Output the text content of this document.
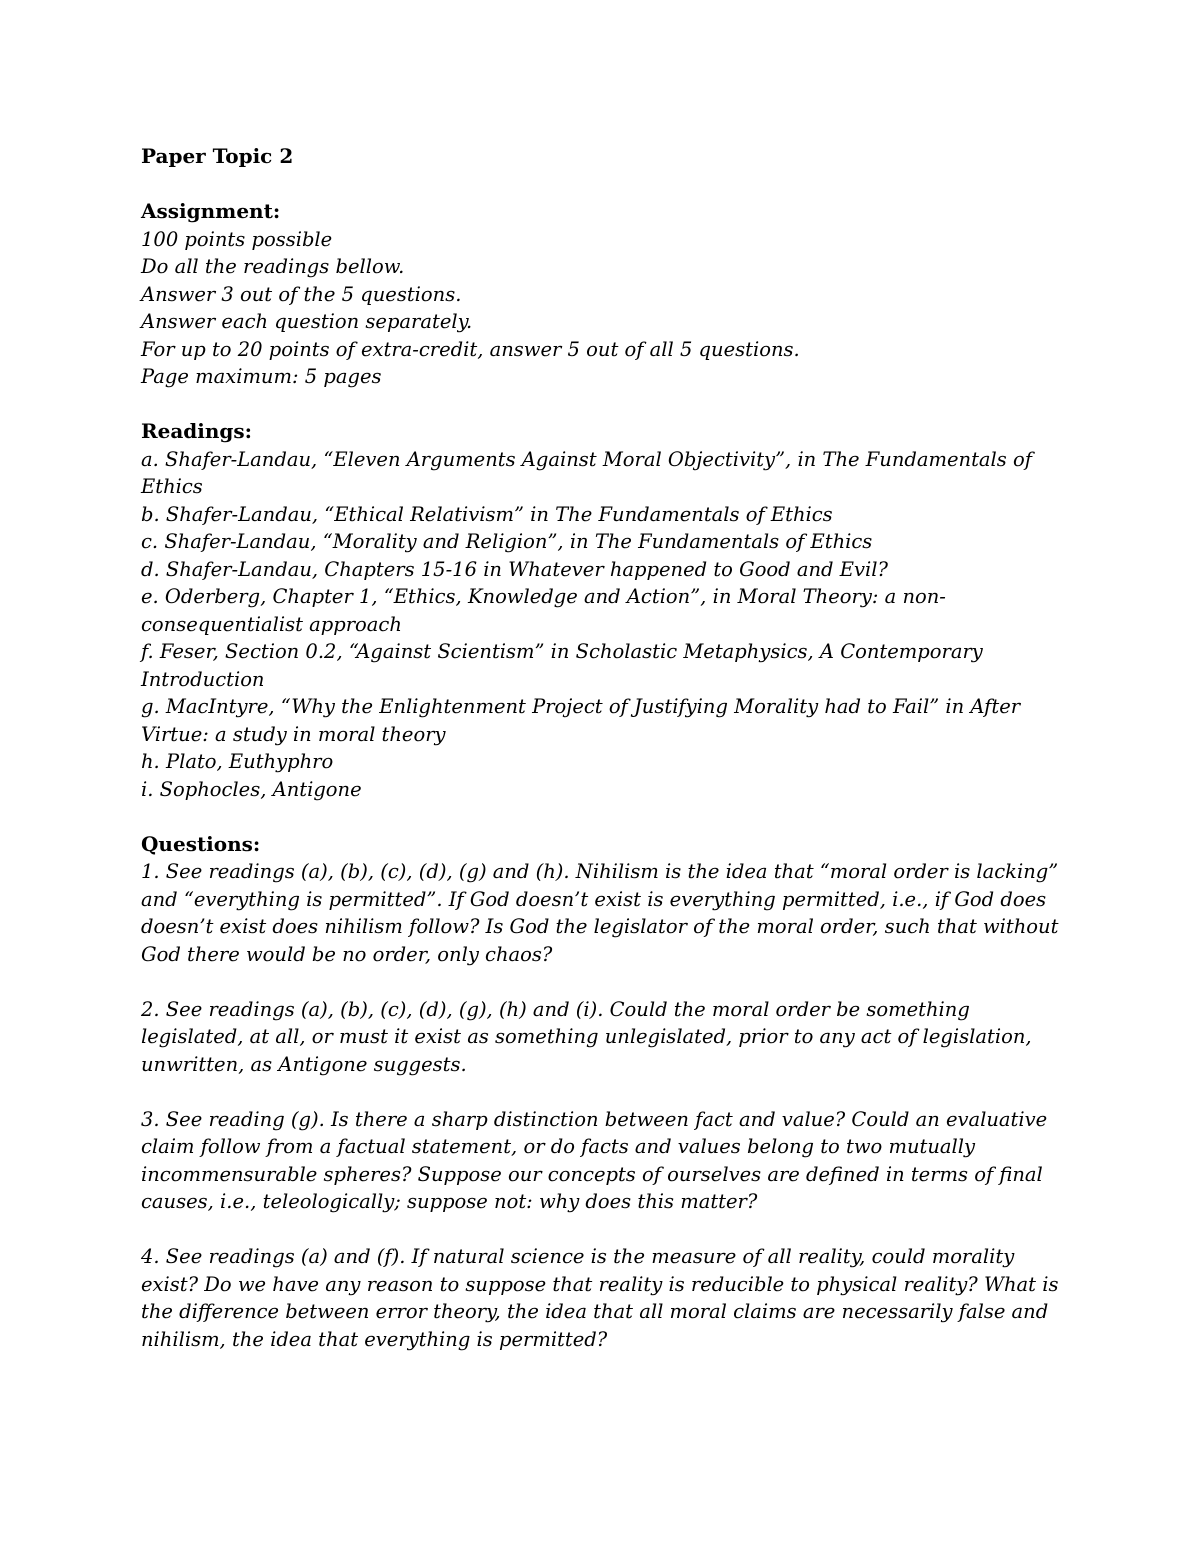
Paper Topic 2
Assignment:
100 points possible
Do all the readings bellow.
Answer 3 out of the 5 questions.
Answer each question separately.
For up to 20 points of extra-credit, answer 5 out of all 5 questions.
Page maximum: 5 pages
Readings:
a. Shafer-Landau, “Eleven Arguments Against Moral Objectivity”, in The Fundamentals of Ethics
b. Shafer-Landau, “Ethical Relativism” in The Fundamentals of Ethics
c. Shafer-Landau, “Morality and Religion”, in The Fundamentals of Ethics
d. Shafer-Landau, Chapters 15-16 in Whatever happened to Good and Evil?
e. Oderberg, Chapter 1, “Ethics, Knowledge and Action”, in Moral Theory: a non-consequentialist approach
f. Feser, Section 0.2, “Against Scientism” in Scholastic Metaphysics, A Contemporary Introduction
g. MacIntyre, “Why the Enlightenment Project of Justifying Morality had to Fail” in After Virtue: a study in moral theory
h. Plato, Euthyphro
i. Sophocles, Antigone
Questions:
1. See readings (a), (b), (c), (d), (g) and (h). Nihilism is the idea that “moral order is lacking” and “everything is permitted”. If God doesn’t exist is everything permitted, i.e., if God does doesn’t exist does nihilism follow? Is God the legislator of the moral order, such that without God there would be no order, only chaos?
2. See readings (a), (b), (c), (d), (g), (h) and (i). Could the moral order be something legislated, at all, or must it exist as something unlegislated, prior to any act of legislation, unwritten, as Antigone suggests.
3. See reading (g). Is there a sharp distinction between fact and value? Could an evaluative claim follow from a factual statement, or do facts and values belong to two mutually incommensurable spheres? Suppose our concepts of ourselves are defined in terms of final causes, i.e., teleologically; suppose not: why does this matter?
4. See readings (a) and (f). If natural science is the measure of all reality, could morality exist? Do we have any reason to suppose that reality is reducible to physical reality? What is the difference between error theory, the idea that all moral claims are necessarily false and nihilism, the idea that everything is permitted?
